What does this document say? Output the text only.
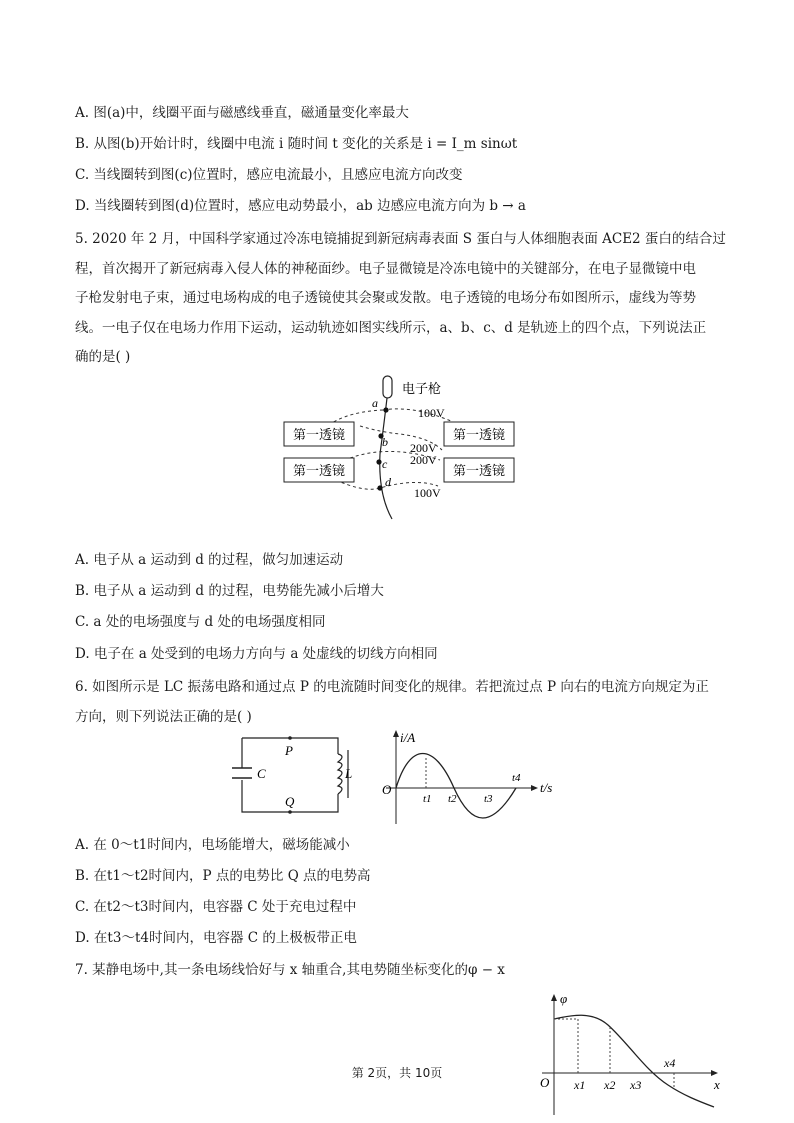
A. 图(a)中，线圈平面与磁感线垂直，磁通量变化率最大
B. 从图(b)开始计时，线圈中电流 i 随时间 t 变化的关系是 i = I_m sinωt
C. 当线圈转到图(c)位置时，感应电流最小，且感应电流方向改变
D. 当线圈转到图(d)位置时，感应电动势最小，ab 边感应电流方向为 b → a
5. 2020 年 2 月，中国科学家通过冷冻电镜捕捉到新冠病毒表面 S 蛋白与人体细胞表面 ACE2 蛋白的结合过
程，首次揭开了新冠病毒入侵人体的神秘面纱。电子显微镜是冷冻电镜中的关键部分，在电子显微镜中电
子枪发射电子束，通过电场构成的电子透镜使其会聚或发散。电子透镜的电场分布如图所示，虚线为等势
线。一电子仅在电场力作用下运动，运动轨迹如图实线所示，a、b、c、d 是轨迹上的四个点，下列说法正
确的是( )
电子枪
第一透镜	第一透镜
第一透镜	第一透镜
100V
200V
200V
100V
a
b
c
d
A. 电子从 a 运动到 d 的过程，做匀加速运动
B. 电子从 a 运动到 d 的过程，电势能先减小后增大
C. a 处的电场强度与 d 处的电场强度相同
D. 电子在 a 处受到的电场力方向与 a 处虚线的切线方向相同
6. 如图所示是 LC 振荡电路和通过点 P 的电流随时间变化的规律。若把流过点 P 向右的电流方向规定为正
方向，则下列说法正确的是( )
P
Q
C	L
i/A
t/s
O
t1 t2 t3
t4
A. 在 0～t1时间内，电场能增大，磁场能减小
B. 在t1～t2时间内，P 点的电势比 Q 点的电势高
C. 在t2～t3时间内，电容器 C 处于充电过程中
D. 在t3～t4时间内，电容器 C 的上极板带正电
7. 某静电场中,其一条电场线恰好与 x 轴重合,其电势随坐标变化的φ − x
φ
x
O x1 x2 x3
x4
第 2页，共 10页
